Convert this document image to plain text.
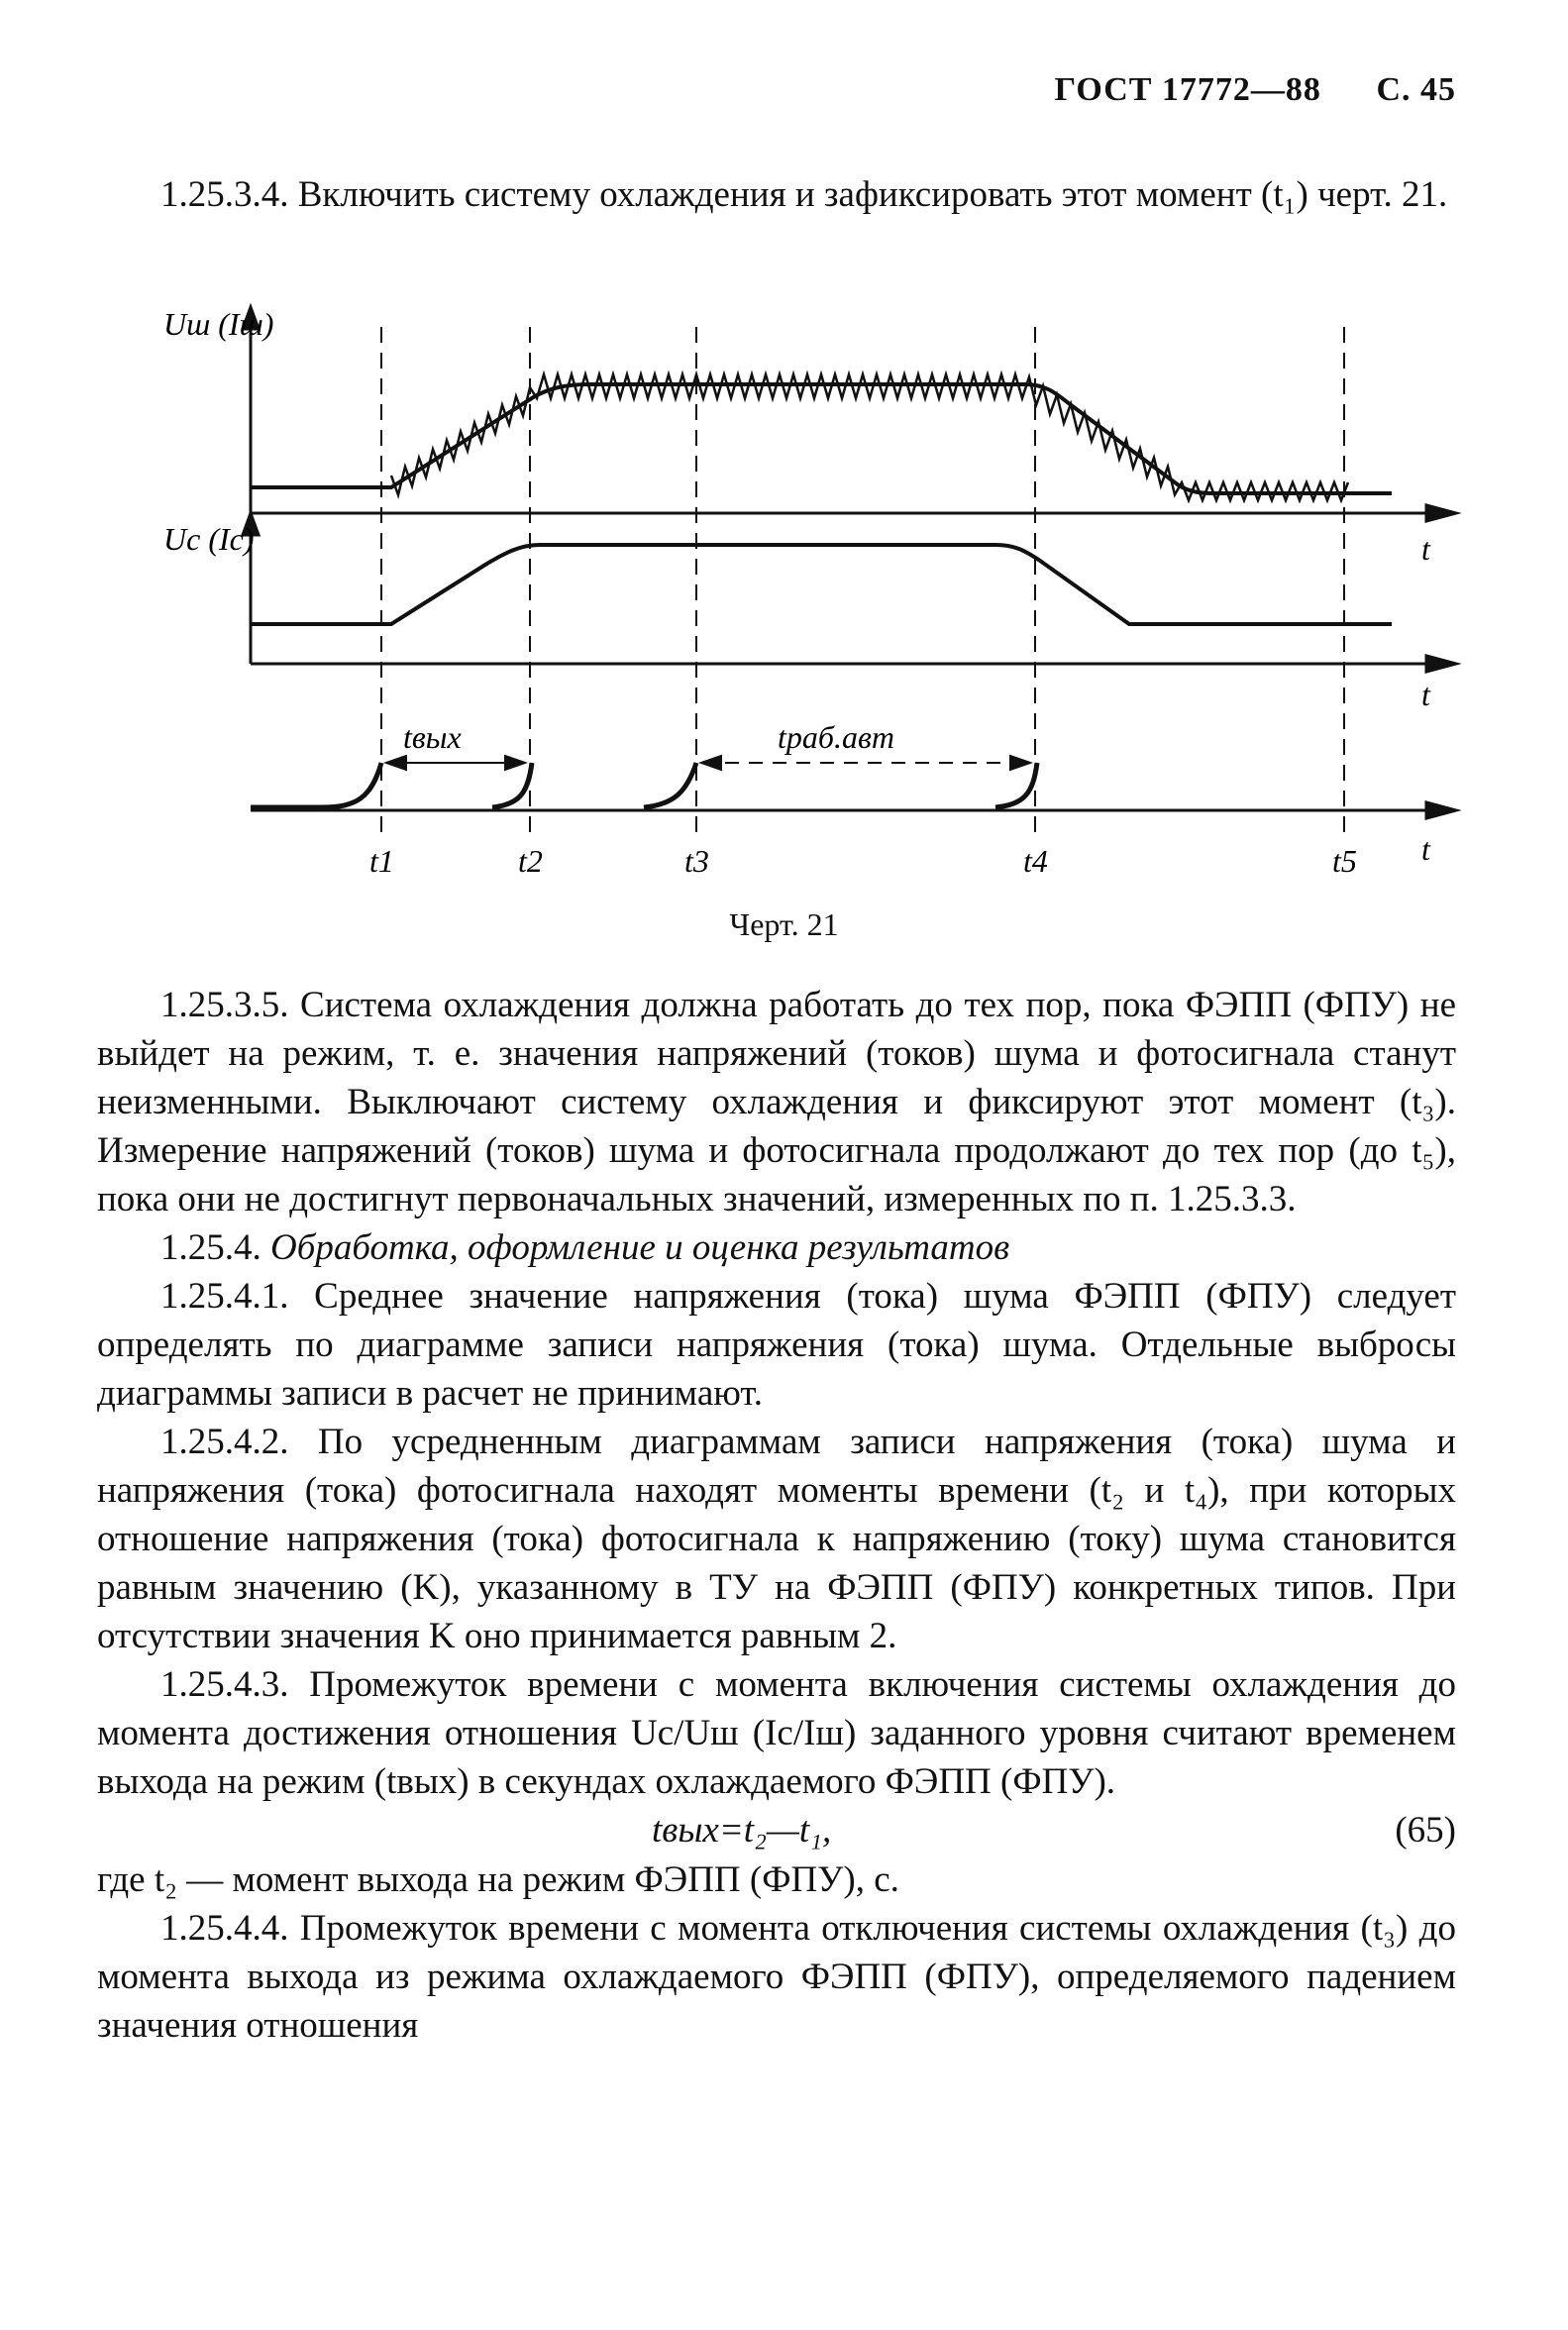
ГОСТ 17772—88 С. 45

1.25.3.4. Включить систему охлаждения и зафиксировать этот момент (t₁) черт. 21.

Uш (Iш)
Uс (Iс)	t
t
tвых	tраб.авт
t1	t2	t3	t4	t5 t
Черт. 21

1.25.3.5. Система охлаждения должна работать до тех пор, пока ФЭПП (ФПУ) не выйдет на режим, т. е. значения напряжений (токов) шума и фотосигнала станут неизменными. Выключают систему охлаждения и фиксируют этот момент (t₃). Измерение напряжений (токов) шума и фотосигнала продолжают до тех пор (до t₅), пока они не достигнут первоначальных значений, измеренных по п. 1.25.3.3.

1.25.4. Обработка, оформление и оценка результатов

1.25.4.1. Среднее значение напряжения (тока) шума ФЭПП (ФПУ) следует определять по диаграмме записи напряжения (тока) шума. Отдельные выбросы диаграммы записи в расчет не принимают.

1.25.4.2. По усредненным диаграммам записи напряжения (тока) шума и напряжения (тока) фотосигнала находят моменты времени (t₂ и t₄), при которых отношение напряжения (тока) фотосигнала к напряжению (току) шума становится равным значению (K), указанному в ТУ на ФЭПП (ФПУ) конкретных типов. При отсутствии значения K оно принимается равным 2.

1.25.4.3. Промежуток времени с момента включения системы охлаждения до момента достижения отношения Uс/Uш (Iс/Iш) заданного уровня считают временем выхода на режим (tвых) в секундах охлаждаемого ФЭПП (ФПУ).

tвых=t₂—t₁,	(65)

где t₂ — момент выхода на режим ФЭПП (ФПУ), с.

1.25.4.4. Промежуток времени с момента отключения системы охлаждения (t₃) до момента выхода из режима охлаждаемого ФЭПП (ФПУ), определяемого падением значения отношения
